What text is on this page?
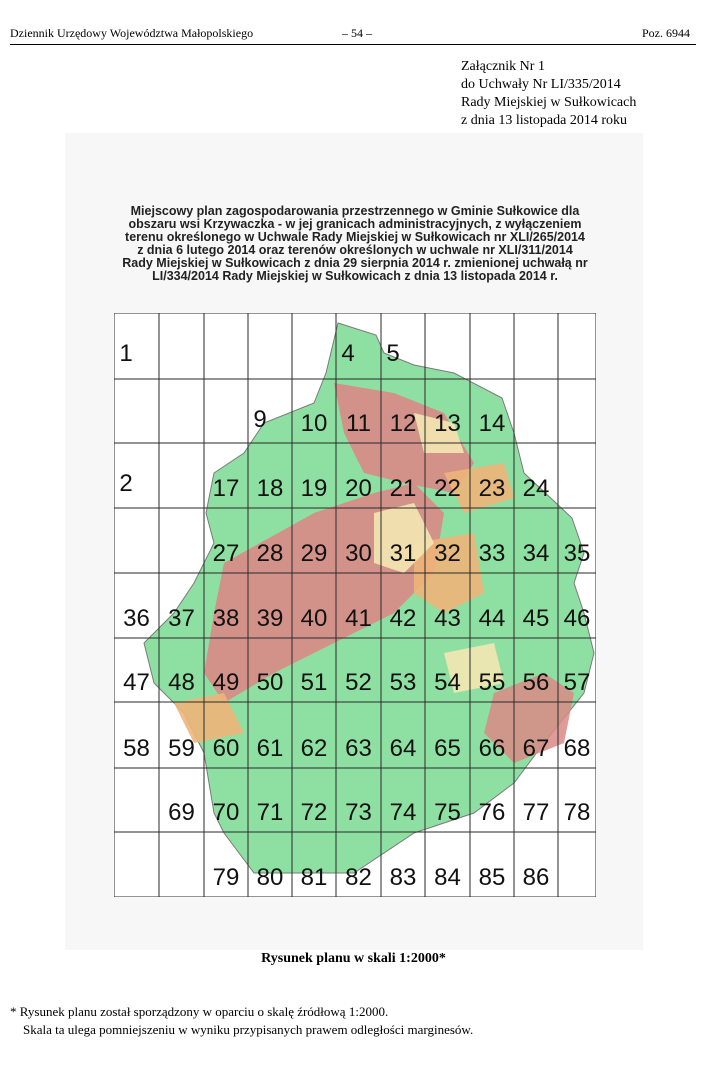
Dziennik Urzędowy Województwa Małopolskiego	– 54 –	Poz. 6944
Załącznik Nr 1
do Uchwały Nr LI/335/2014
Rady Miejskiej w Sułkowicach
z dnia 13 listopada 2014 roku
Miejscowy plan zagospodarowania przestrzennego w Gminie Sułkowice dla
obszaru wsi Krzywaczka - w jej granicach administracyjnych, z wyłączeniem
terenu określonego w Uchwale Rady Miejskiej w Sułkowicach nr XLI/265/2014
z dnia 6 lutego 2014 oraz terenów określonych w uchwale nr XLI/311/2014
Rady Miejskiej w Sułkowicach z dnia 29 sierpnia 2014 r. zmienionej uchwałą nr
LI/334/2014 Rady Miejskiej w Sułkowicach z dnia 13 listopada 2014 r.
1	4 5
2
9 10 11 12 13 14
17 18 19 20 21 22 23 24
27 28 29 30 31 32 33 34 35
36 37 38 39 40 41 42 43 44 45 46
47 48 49 50 51 52 53 54 55 56 57
58 59 60 61 62 63 64 65 66 67 68
69 70 71 72 73 74 75 76 77 78
79 80 81 82 83 84 85 86
Rysunek planu w skali 1:2000*
* Rysunek planu został sporządzony w oparciu o skalę źródłową 1:2000.
Skala ta ulega pomniejszeniu w wyniku przypisanych prawem odległości marginesów.
